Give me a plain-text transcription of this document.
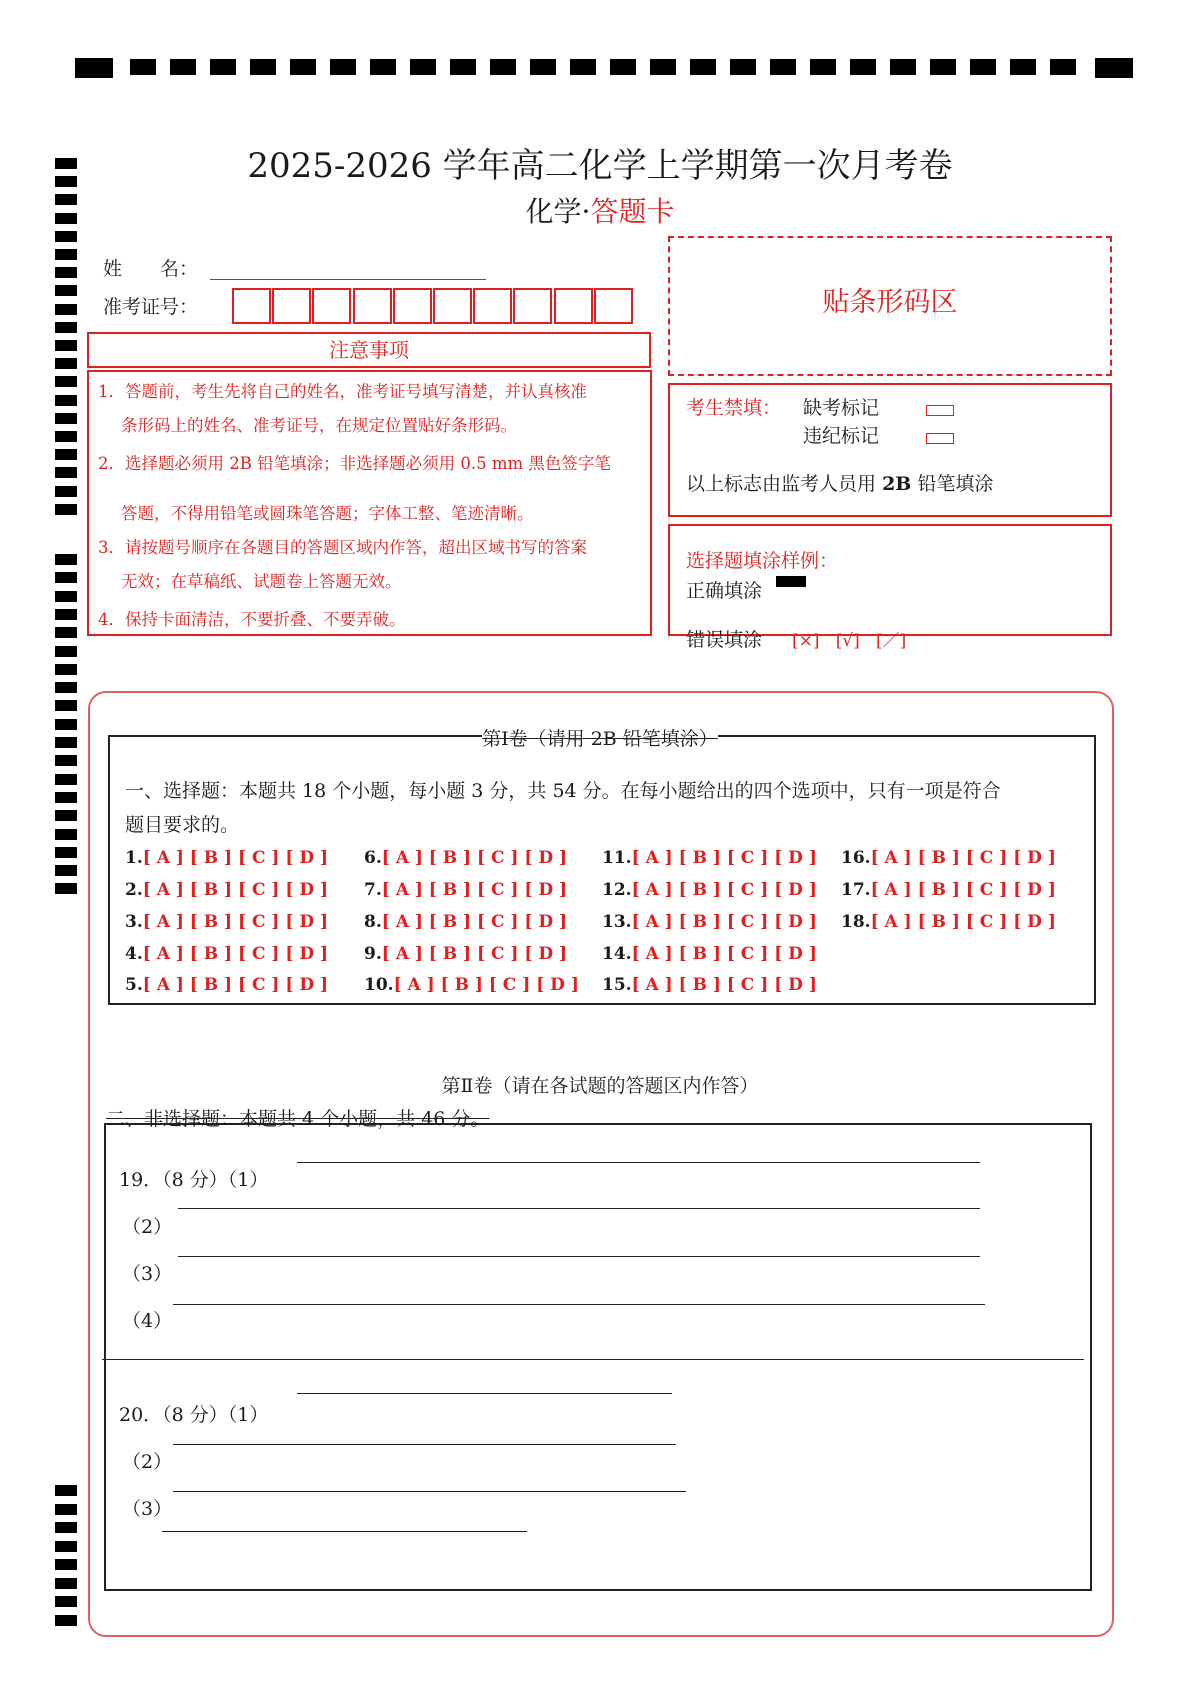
2025-2026 学年高二化学上学期第一次月考卷
化学·答题卡
姓　　名：
准考证号：
注意事项
1．答题前，考生先将自己的姓名，准考证号填写清楚，并认真核准
条形码上的姓名、准考证号，在规定位置贴好条形码。
2．选择题必须用 2B 铅笔填涂；非选择题必须用 0.5 mm 黑色签字笔
答题，不得用铅笔或圆珠笔答题；字体工整、笔迹清晰。
3．请按题号顺序在各题目的答题区域内作答，超出区域书写的答案
无效；在草稿纸、试题卷上答题无效。
4．保持卡面清洁，不要折叠、不要弄破。
贴条形码区
考生禁填： 缺考标记
违纪标记
以上标志由监考人员用 2B 铅笔填涂
选择题填涂样例：
正确填涂
错误填涂 [×]   [√]   [／]
第Ⅰ卷（请用 2B 铅笔填涂）
一、选择题：本题共 18 个小题，每小题 3 分，共 54 分。在每小题给出的四个选项中，只有一项是符合
题目要求的。
1.[ A ] [ B ] [ C ] [ D ]
2.[ A ] [ B ] [ C ] [ D ]
3.[ A ] [ B ] [ C ] [ D ]
4.[ A ] [ B ] [ C ] [ D ]
5.[ A ] [ B ] [ C ] [ D ]
6.[ A ] [ B ] [ C ] [ D ]
7.[ A ] [ B ] [ C ] [ D ]
8.[ A ] [ B ] [ C ] [ D ]
9.[ A ] [ B ] [ C ] [ D ]
10.[ A ] [ B ] [ C ] [ D ]
11.[ A ] [ B ] [ C ] [ D ]
12.[ A ] [ B ] [ C ] [ D ]
13.[ A ] [ B ] [ C ] [ D ]
14.[ A ] [ B ] [ C ] [ D ]
15.[ A ] [ B ] [ C ] [ D ]
16.[ A ] [ B ] [ C ] [ D ]
17.[ A ] [ B ] [ C ] [ D ]
18.[ A ] [ B ] [ C ] [ D ]
第Ⅱ卷（请在各试题的答题区内作答）
二、非选择题：本题共 4 个小题，共 46 分。
19．（8 分）（1）
（2）
（3）
（4）
20．（8 分）（1）
（2）
（3）
